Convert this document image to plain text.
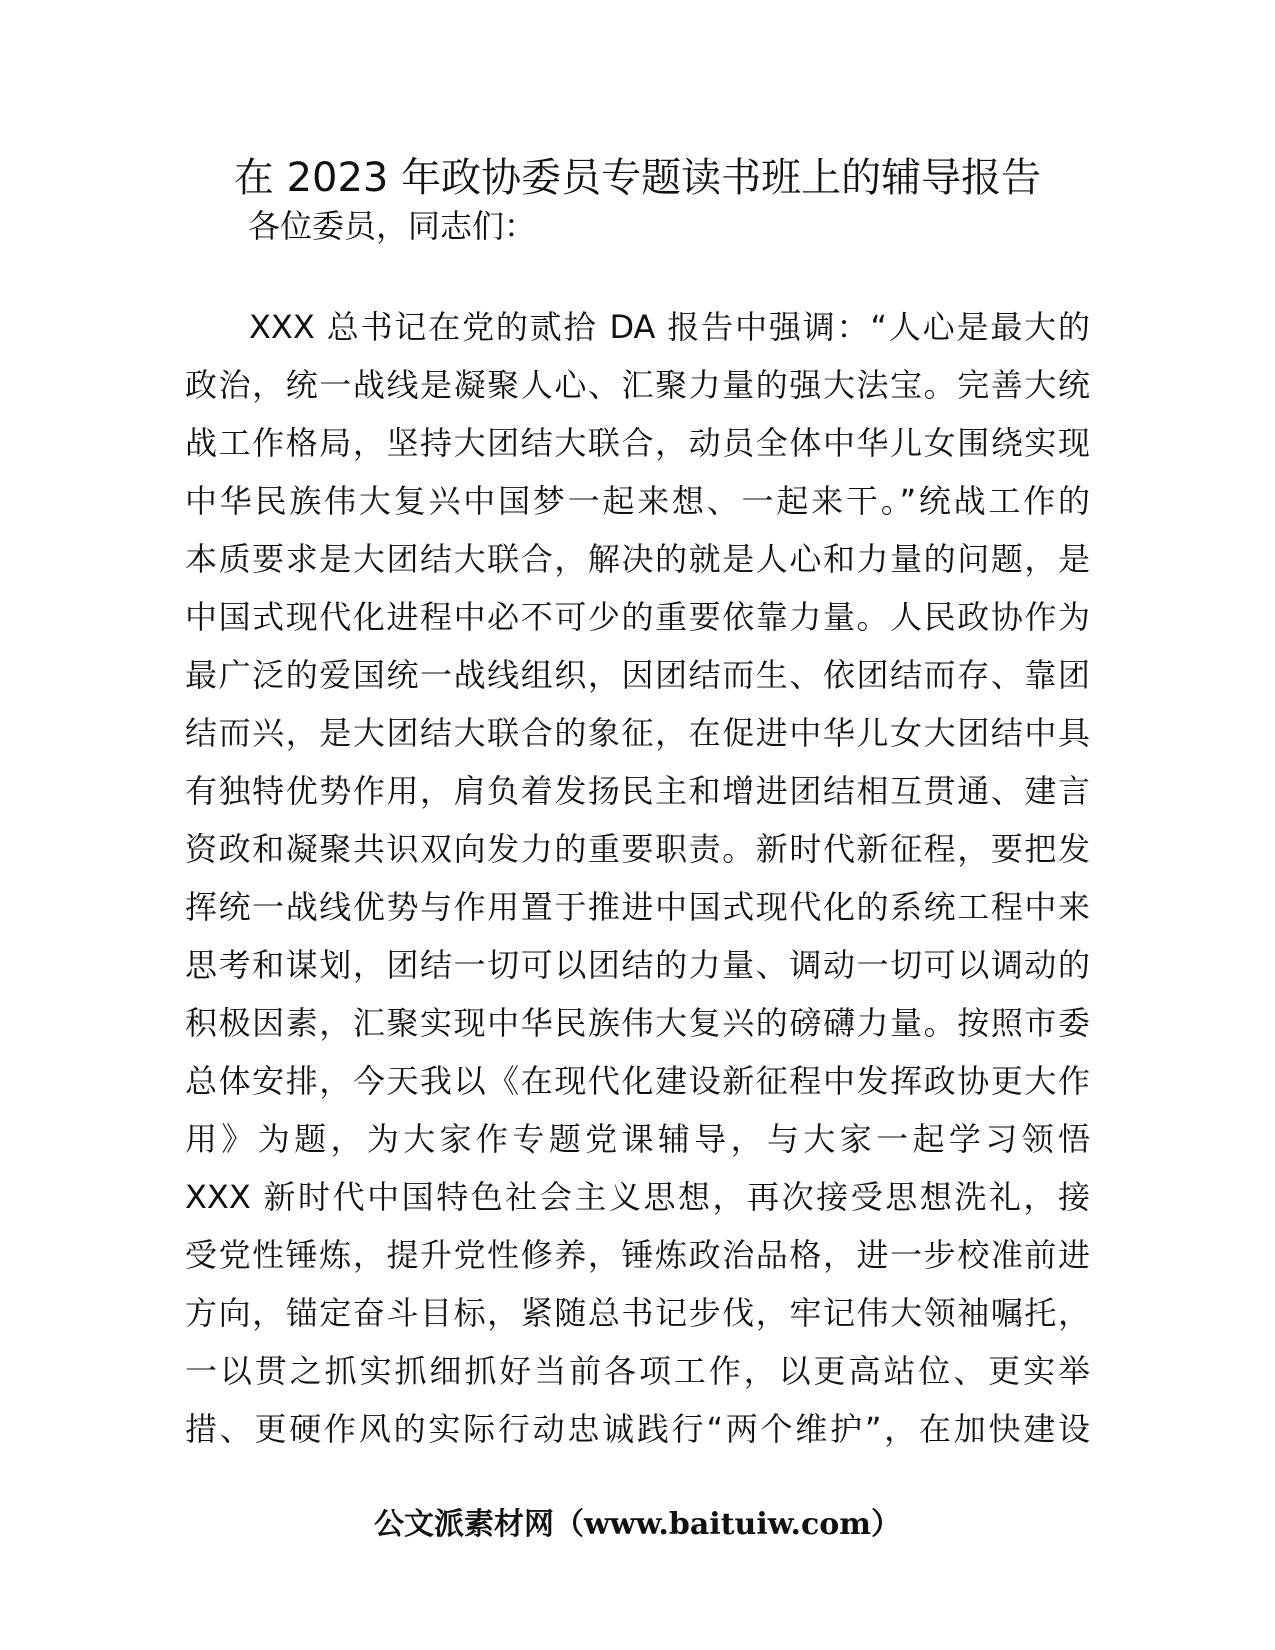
在 2023 年政协委员专题读书班上的辅导报告

各位委员，同志们：

XXX 总书记在党的贰拾 DA 报告中强调：“人心是最大的
政治，统一战线是凝聚人心、汇聚力量的强大法宝。完善大统
战工作格局，坚持大团结大联合，动员全体中华儿女围绕实现
中华民族伟大复兴中国梦一起来想、一起来干。”统战工作的
本质要求是大团结大联合，解决的就是人心和力量的问题，是
中国式现代化进程中必不可少的重要依靠力量。人民政协作为
最广泛的爱国统一战线组织，因团结而生、依团结而存、靠团
结而兴，是大团结大联合的象征，在促进中华儿女大团结中具
有独特优势作用，肩负着发扬民主和增进团结相互贯通、建言
资政和凝聚共识双向发力的重要职责。新时代新征程，要把发
挥统一战线优势与作用置于推进中国式现代化的系统工程中来
思考和谋划，团结一切可以团结的力量、调动一切可以调动的
积极因素，汇聚实现中华民族伟大复兴的磅礴力量。按照市委
总体安排，今天我以《在现代化建设新征程中发挥政协更大作
用》为题，为大家作专题党课辅导，与大家一起学习领悟
XXX 新时代中国特色社会主义思想，再次接受思想洗礼，接
受党性锤炼，提升党性修养，锤炼政治品格，进一步校准前进
方向，锚定奋斗目标，紧随总书记步伐，牢记伟大领袖嘱托，
一以贯之抓实抓细抓好当前各项工作，以更高站位、更实举
措、更硬作风的实际行动忠诚践行“两个维护”，在加快建设
公文派素材网（www.baituiw.com）
